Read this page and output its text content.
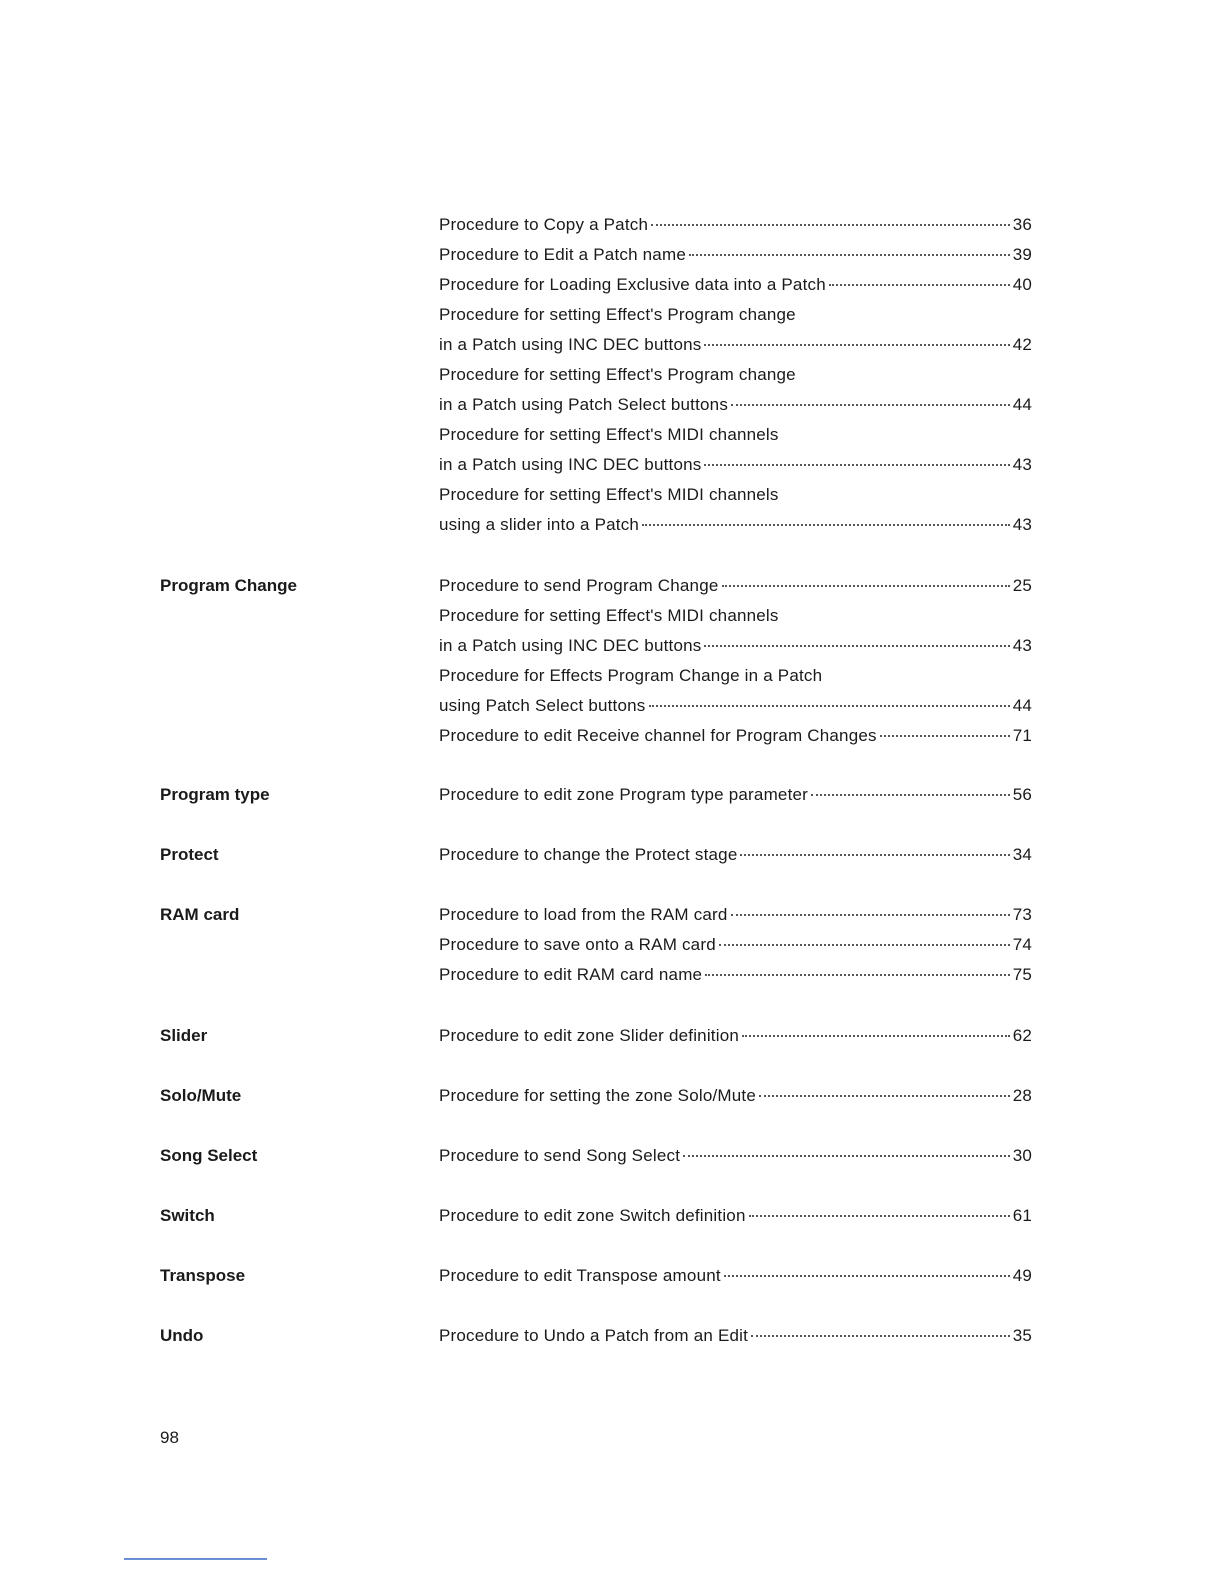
Procedure to Copy a Patch	36
Procedure to Edit a Patch name	39
Procedure for Loading Exclusive data into a Patch	40
Procedure for setting Effect's Program change
in a Patch using INC DEC buttons	42
Procedure for setting Effect's Program change
in a Patch using Patch Select buttons	44
Procedure for setting Effect's MIDI channels
in a Patch using INC DEC buttons	43
Procedure for setting Effect's MIDI channels
using a slider into a Patch	43
Program Change	Procedure to send Program Change	25
Procedure for setting Effect's MIDI channels
in a Patch using INC DEC buttons	43
Procedure for Effects Program Change in a Patch
using Patch Select buttons	44
Procedure to edit Receive channel for Program Changes	71
Program type	Procedure to edit zone Program type parameter	56
Protect	Procedure to change the Protect stage	34
RAM card	Procedure to load from the RAM card	73
Procedure to save onto a RAM card	74
Procedure to edit RAM card name	75
Slider	Procedure to edit zone Slider definition	62
Solo/Mute	Procedure for setting the zone Solo/Mute	28
Song Select	Procedure to send Song Select	30
Switch	Procedure to edit zone Switch definition	61
Transpose	Procedure to edit Transpose amount	49
Undo	Procedure to Undo a Patch from an Edit	35
98
